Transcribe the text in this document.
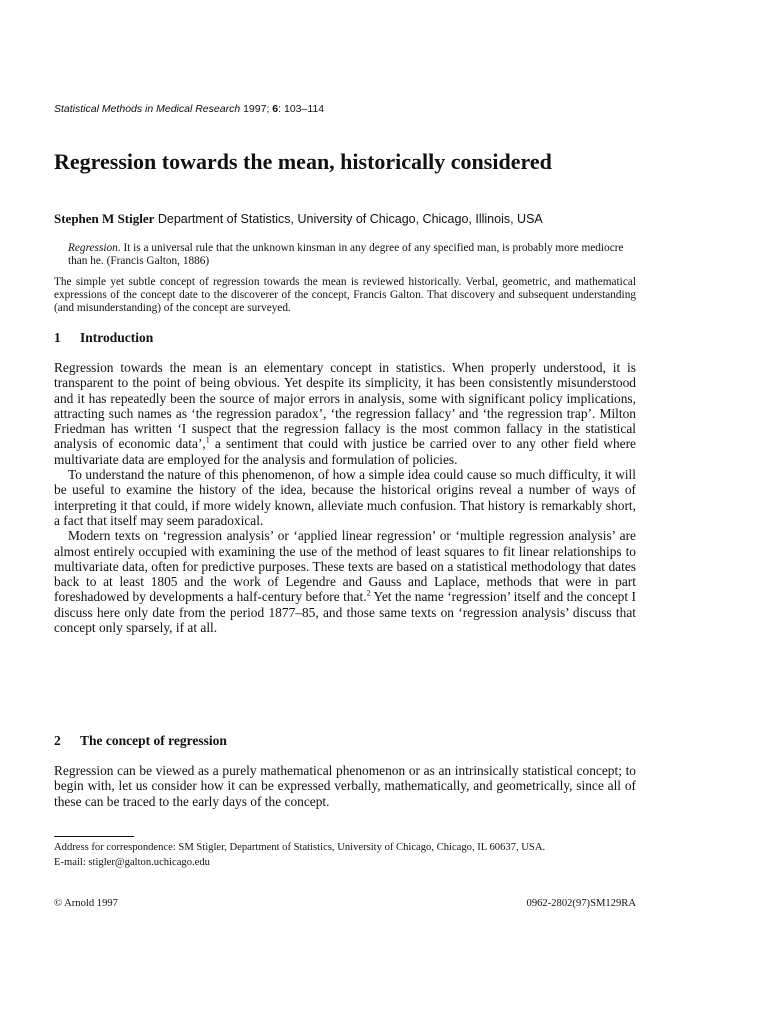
Statistical Methods in Medical Research 1997; 6: 103–114
Regression towards the mean, historically considered
Stephen M Stigler Department of Statistics, University of Chicago, Chicago, Illinois, USA

Regression. It is a universal rule that the unknown kinsman in any degree of any specified man, is probably more mediocre than he. (Francis Galton, 1886)

The simple yet subtle concept of regression towards the mean is reviewed historically. Verbal, geometric, and mathematical expressions of the concept date to the discoverer of the concept, Francis Galton. That discovery and subsequent understanding (and misunderstanding) of the concept are surveyed.

1 Introduction

Regression towards the mean is an elementary concept in statistics. When properly understood, it is transparent to the point of being obvious. Yet despite its simplicity, it has been consistently misunderstood and it has repeatedly been the source of major errors in analysis, some with significant policy implications, attracting such names as ‘the regression paradox’, ‘the regression fallacy’ and ‘the regression trap’. Milton Friedman has written ‘I suspect that the regression fallacy is the most common fallacy in the statistical analysis of economic data’,$^1$ a sentiment that could with justice be carried over to any other field where multivariate data are employed for the analysis and formulation of policies.

To understand the nature of this phenomenon, of how a simple idea could cause so much difficulty, it will be useful to examine the history of the idea, because the historical origins reveal a number of ways of interpreting it that could, if more widely known, alleviate much confusion. That history is remarkably short, a fact that itself may seem paradoxical.

Modern texts on ‘regression analysis’ or ‘applied linear regression’ or ‘multiple regression analysis’ are almost entirely occupied with examining the use of the method of least squares to fit linear relationships to multivariate data, often for predictive purposes. These texts are based on a statistical methodology that dates back to at least 1805 and the work of Legendre and Gauss and Laplace, methods that were in part foreshadowed by developments a half-century before that.$^2$ Yet the name ‘regression’ itself and the concept I discuss here only date from the period 1877–85, and those same texts on ‘regression analysis’ discuss that concept only sparsely, if at all.

2 The concept of regression

Regression can be viewed as a purely mathematical phenomenon or as an intrinsically statistical concept; to begin with, let us consider how it can be expressed verbally, mathematically, and geometrically, since all of these can be traced to the early days of the concept.

Address for correspondence: SM Stigler, Department of Statistics, University of Chicago, Chicago, IL 60637, USA.
E-mail: stigler@galton.uchicago.edu
© Arnold 1997	0962-2802(97)SM129RA
